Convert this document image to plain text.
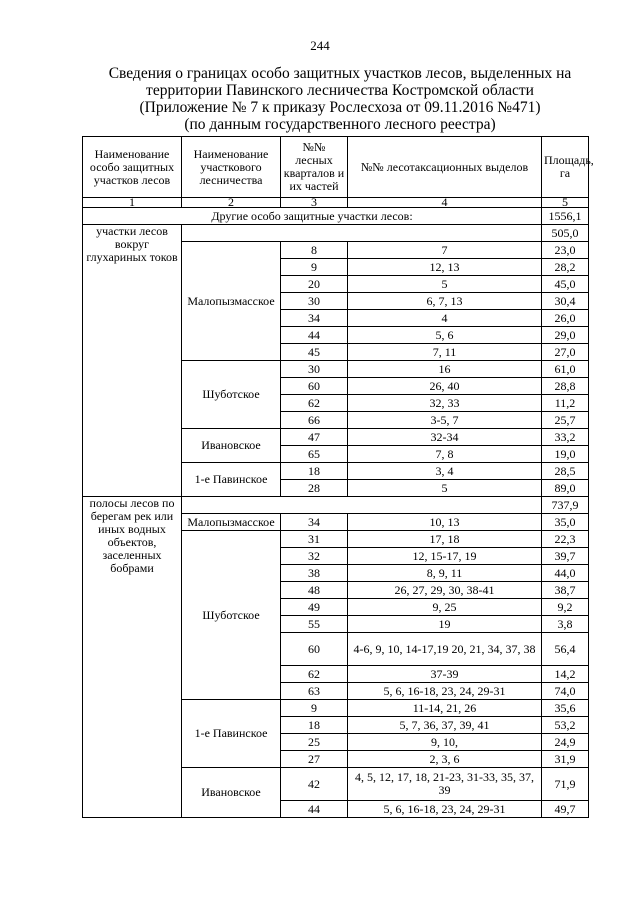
244
Сведения о границах особо защитных участков лесов, выделенных на
территории Павинского лесничества Костромской области
(Приложение № 7 к приказу Рослесхоза от 09.11.2016 №471)
(по данным государственного лесного реестра)
Наименование особо защитных участков лесов	Наименование участкового лесничества	№№ лесных кварталов и их частей	№№ лесотаксационных выделов	Площадь, га
1	2	3	4	5
Другие особо защитные участки лесов:				1556,1
участки лесов вокруг глухариных токов				505,0
	Малопызмасское	8	7	23,0
		9	12, 13	28,2
		20	5	45,0
		30	6, 7, 13	30,4
		34	4	26,0
		44	5, 6	29,0
		45	7, 11	27,0
	Шуботское	30	16	61,0
		60	26, 40	28,8
		62	32, 33	11,2
		66	3-5, 7	25,7
	Ивановское	47	32-34	33,2
		65	7, 8	19,0
	1-е Павинское	18	3, 4	28,5
		28	5	89,0
полосы лесов по берегам рек или иных водных объектов, заселенных бобрами				737,9
	Малопызмасское	34	10, 13	35,0
	Шуботское	31	17, 18	22,3
		32	12, 15-17, 19	39,7
		38	8, 9, 11	44,0
		48	26, 27, 29, 30, 38-41	38,7
		49	9, 25	9,2
		55	19	3,8
		60	4-6, 9, 10, 14-17,19 20, 21, 34, 37, 38	56,4
		62	37-39	14,2
		63	5, 6, 16-18, 23, 24, 29-31	74,0
	1-е Павинское	9	11-14, 21, 26	35,6
		18	5, 7, 36, 37, 39, 41	53,2
		25	9, 10,	24,9
		27	2, 3, 6	31,9
	Ивановское	42	4, 5, 12, 17, 18, 21-23, 31-33, 35, 37, 39	71,9
		44	5, 6, 16-18, 23, 24, 29-31	49,7
